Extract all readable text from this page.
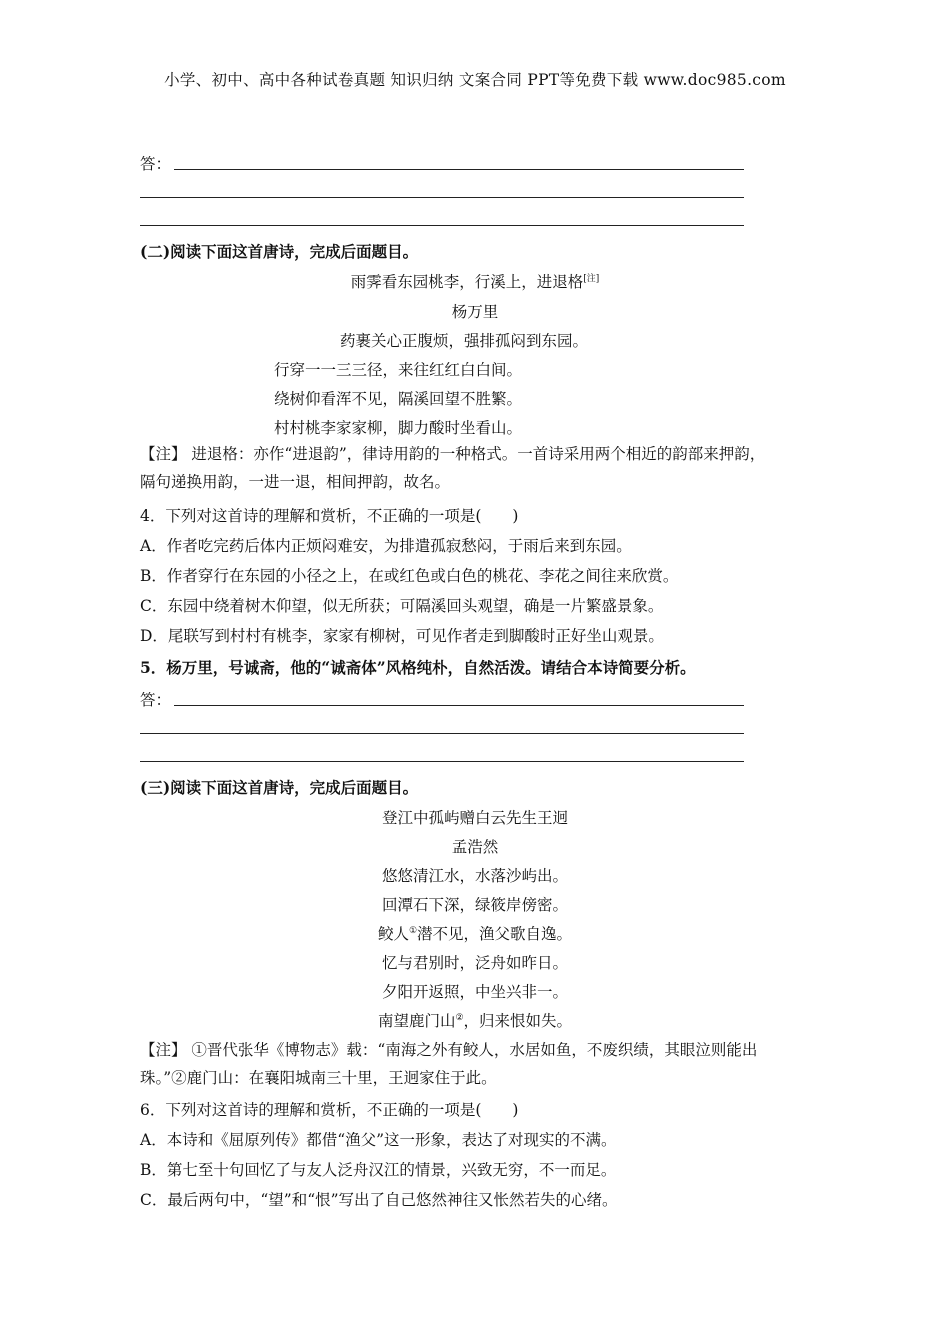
小学、初中、高中各种试卷真题 知识归纳 文案合同 PPT等免费下载 www.doc985.com
答：
(二)阅读下面这首唐诗，完成后面题目。
雨霁看东园桃李，行溪上，进退格[注]
杨万里
药裹关心正腹烦，强排孤闷到东园。
行穿一一三三径，来往红红白白间。
绕树仰看浑不见，隔溪回望不胜繁。
村村桃李家家柳，脚力酸时坐看山。
【注】 进退格：亦作“进退韵”，律诗用韵的一种格式。一首诗采用两个相近的韵部来押韵，
隔句递换用韵，一进一退，相间押韵，故名。
4．下列对这首诗的理解和赏析，不正确的一项是(　　)
A．作者吃完药后体内正烦闷难安，为排遣孤寂愁闷，于雨后来到东园。
B．作者穿行在东园的小径之上，在或红色或白色的桃花、李花之间往来欣赏。
C．东园中绕着树木仰望，似无所获；可隔溪回头观望，确是一片繁盛景象。
D．尾联写到村村有桃李，家家有柳树，可见作者走到脚酸时正好坐山观景。
5．杨万里，号诚斋，他的“诚斋体”风格纯朴，自然活泼。请结合本诗简要分析。
答：
(三)阅读下面这首唐诗，完成后面题目。
登江中孤屿赠白云先生王迥
孟浩然
悠悠清江水，水落沙屿出。
回潭石下深，绿筱岸傍密。
鲛人①潜不见，渔父歌自逸。
忆与君别时，泛舟如昨日。
夕阳开返照，中坐兴非一。
南望鹿门山②，归来恨如失。
【注】 ①晋代张华《博物志》载：“南海之外有鲛人，水居如鱼，不废织绩，其眼泣则能出
珠。”②鹿门山：在襄阳城南三十里，王迥家住于此。
6．下列对这首诗的理解和赏析，不正确的一项是(　　)
A．本诗和《屈原列传》都借“渔父”这一形象，表达了对现实的不满。
B．第七至十句回忆了与友人泛舟汉江的情景，兴致无穷，不一而足。
C．最后两句中，“望”和“恨”写出了自己悠然神往又怅然若失的心绪。
